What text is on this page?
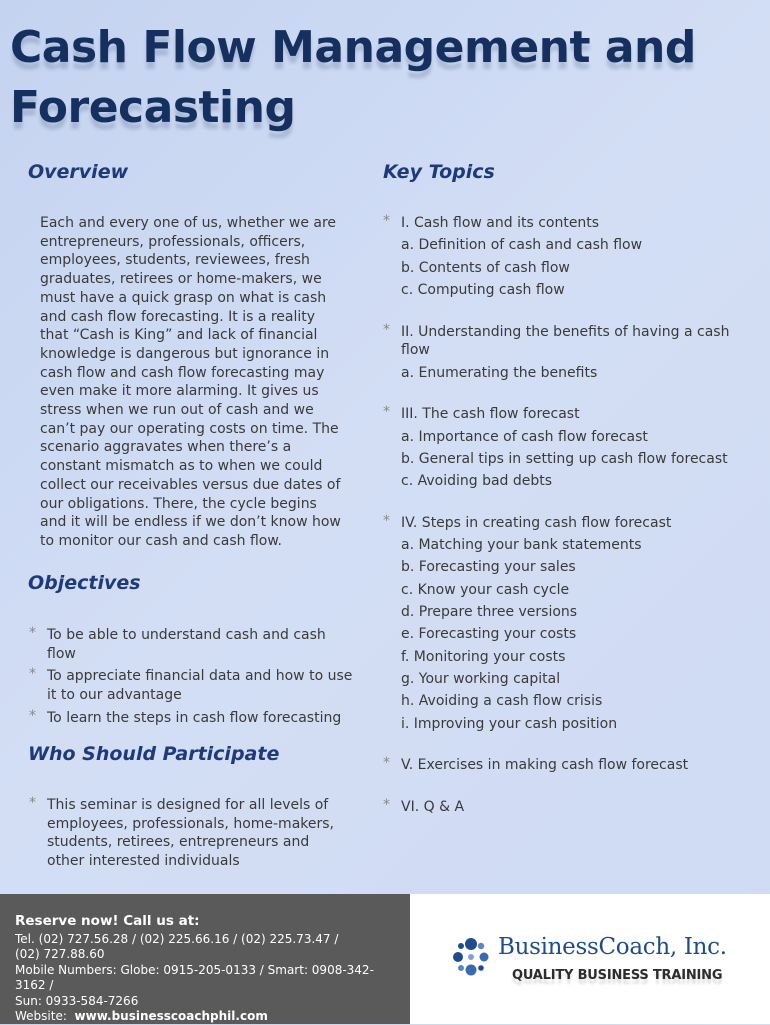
Cash Flow Management and Forecasting
Overview

Each and every one of us, whether we are entrepreneurs, professionals, officers, employees, students, reviewees, fresh graduates, retirees or home-makers, we must have a quick grasp on what is cash and cash flow forecasting. It is a reality that “Cash is King” and lack of financial knowledge is dangerous but ignorance in cash flow and cash flow forecasting may even make it more alarming. It gives us stress when we run out of cash and we can’t pay our operating costs on time. The scenario aggravates when there’s a constant mismatch as to when we could collect our receivables versus due dates of our obligations. There, the cycle begins and it will be endless if we don’t know how to monitor our cash and cash flow.

Objectives
* To be able to understand cash and cash flow
* To appreciate financial data and how to use it to our advantage
* To learn the steps in cash flow forecasting
Who Should Participate
* This seminar is designed for all levels of employees, professionals, home-makers, students, retirees, entrepreneurs and other interested individuals
Key Topics
* I. Cash flow and its contents
a. Definition of cash and cash flow
b. Contents of cash flow
c. Computing cash flow
* II. Understanding the benefits of having a cash flow
a. Enumerating the benefits
* III. The cash flow forecast
a. Importance of cash flow forecast
b. General tips in setting up cash flow forecast
c. Avoiding bad debts
* IV. Steps in creating cash flow forecast
a. Matching your bank statements
b. Forecasting your sales
c. Know your cash cycle
d. Prepare three versions
e. Forecasting your costs
f. Monitoring your costs
g. Your working capital
h. Avoiding a cash flow crisis
i. Improving your cash position
* V. Exercises in making cash flow forecast
* VI. Q & A
Reserve now! Call us at:
Tel. (02) 727.56.28 / (02) 225.66.16 / (02) 225.73.47 /
(02) 727.88.60
Mobile Numbers: Globe: 0915-205-0133 / Smart: 0908-342-3162 /
Sun: 0933-584-7266
Website: www.businesscoachphil.com
BusinessCoach, Inc.
QUALITY BUSINESS TRAINING
